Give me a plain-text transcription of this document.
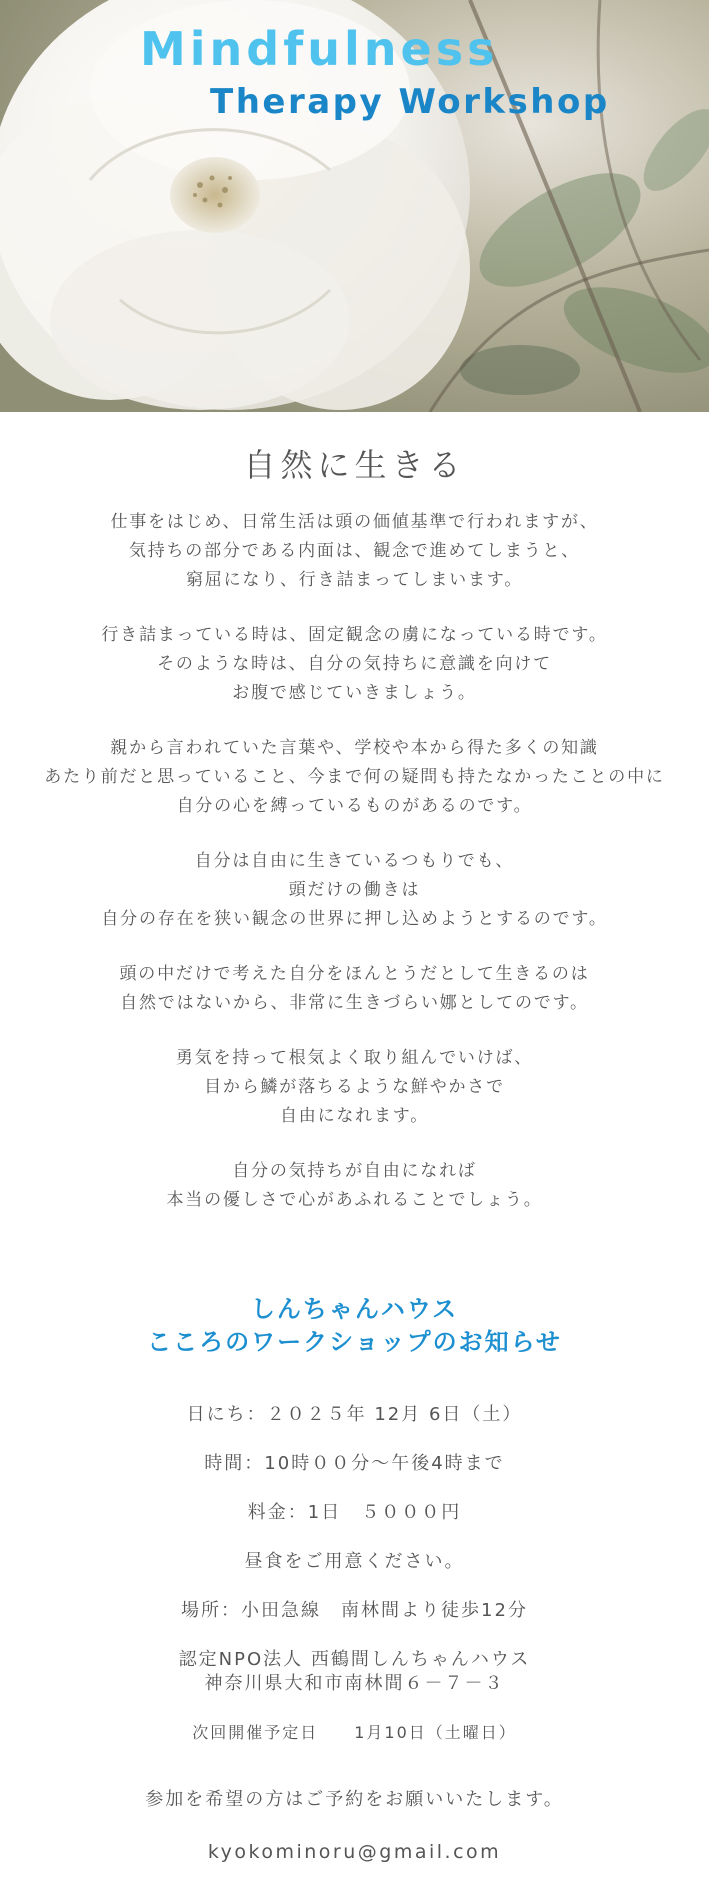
Mindfulness
Therapy Workshop
自然に生きる

仕事をはじめ、日常生活は頭の価値基準で行われますが、
気持ちの部分である内面は、観念で進めてしまうと、
窮屈になり、行き詰まってしまいます。

行き詰まっている時は、固定観念の虜になっている時です。
そのような時は、自分の気持ちに意識を向けて
お腹で感じていきましょう。

親から言われていた言葉や、学校や本から得た多くの知識
あたり前だと思っていること、今まで何の疑問も持たなかったことの中に
自分の心を縛っているものがあるのです。

自分は自由に生きているつもりでも、
頭だけの働きは
自分の存在を狭い観念の世界に押し込めようとするのです。

頭の中だけで考えた自分をほんとうだとして生きるのは
自然ではないから、非常に生きづらい娜としてのです。

勇気を持って根気よく取り組んでいけば、
目から鱗が落ちるような鮮やかさで
自由になれます。

自分の気持ちが自由になれば
本当の優しさで心があふれることでしょう。

しんちゃんハウス
こころのワークショップのお知らせ
日にち：２０２５年 12月 6日（土）
時間：10時００分～午後4時まで
料金：1日　５０００円
昼食をご用意ください。
場所：小田急線　南林間より徒歩12分
認定NPO法人 西鶴間しんちゃんハウス
神奈川県大和市南林間６－７－３
次回開催予定日　　1月10日（土曜日）
参加を希望の方はご予約をお願いいたします。
kyokominoru@gmail.com
